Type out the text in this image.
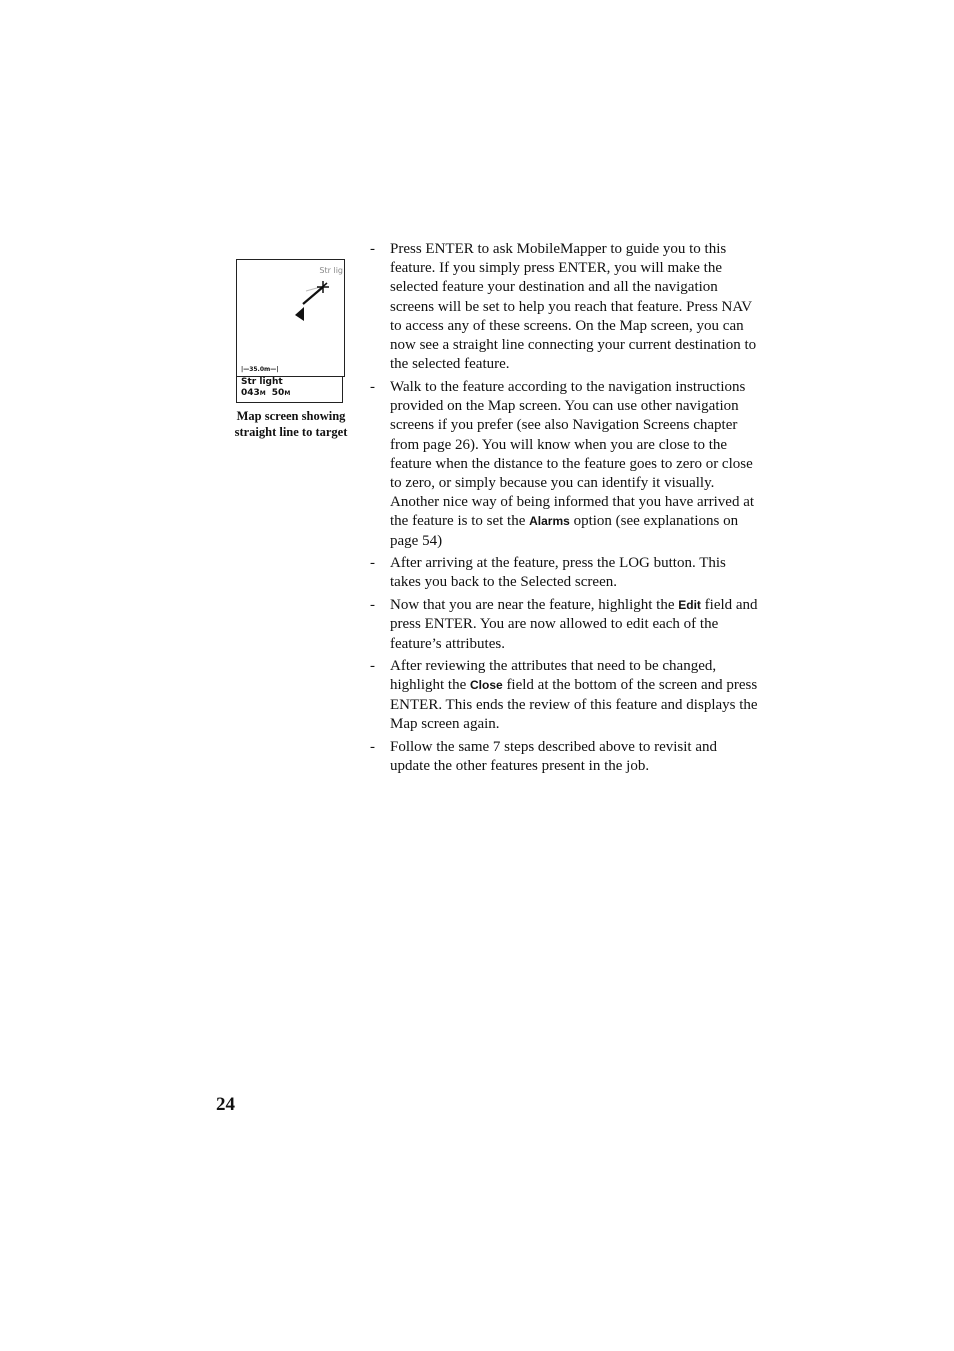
Str lig
|—35.0m—|
Str light
043M 50M
Map screen showing
straight line to target
- Press ENTER to ask MobileMapper to guide you to this feature. If you simply press ENTER, you will make the selected feature your destination and all the navigation screens will be set to help you reach that feature. Press NAV to access any of these screens. On the Map screen, you can now see a straight line connecting your current destination to the selected feature.
- Walk to the feature according to the navigation instructions provided on the Map screen. You can use other navigation screens if you prefer (see also Navigation Screens chapter from page 26). You will know when you are close to the feature when the distance to the feature goes to zero or close to zero, or simply because you can identify it visually. Another nice way of being informed that you have arrived at the feature is to set the Alarms option (see explanations on page 54)
- After arriving at the feature, press the LOG button. This takes you back to the Selected screen.
- Now that you are near the feature, highlight the Edit field and press ENTER. You are now allowed to edit each of the feature’s attributes.
- After reviewing the attributes that need to be changed, highlight the Close field at the bottom of the screen and press ENTER. This ends the review of this feature and displays the Map screen again.
- Follow the same 7 steps described above to revisit and update the other features present in the job.
24
